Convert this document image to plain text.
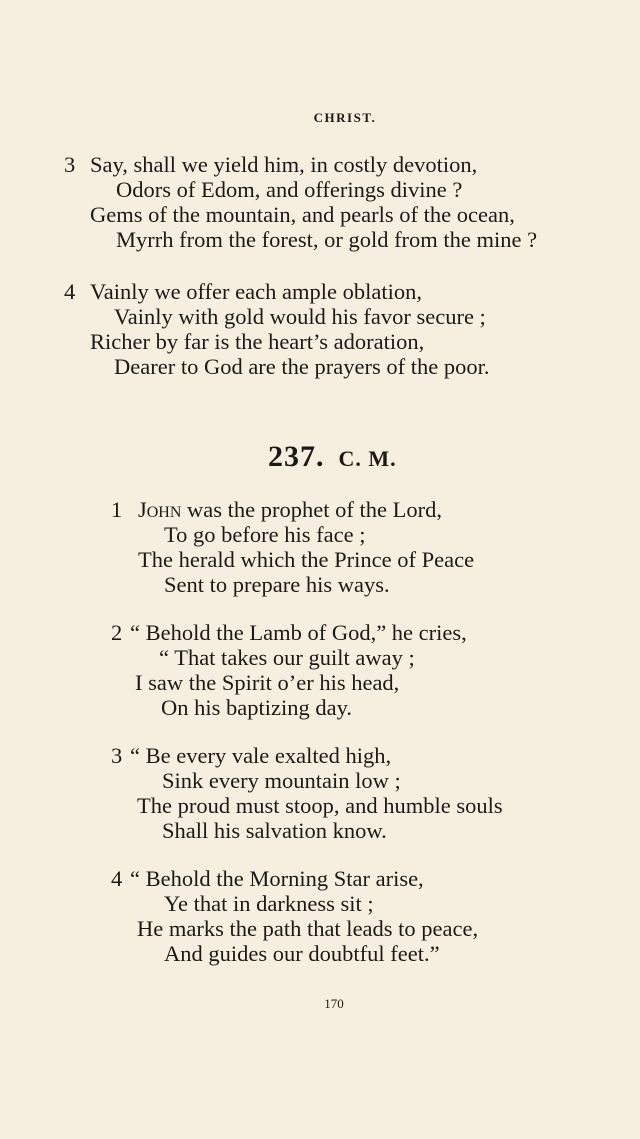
CHRIST.
3 Say, shall we yield him, in costly devotion,
Odors of Edom, and offerings divine ?
Gems of the mountain, and pearls of the ocean,
Myrrh from the forest, or gold from the mine ?
4 Vainly we offer each ample oblation,
Vainly with gold would his favor secure ;
Richer by far is the heart’s adoration,
Dearer to God are the prayers of the poor.
237. C. M.
1 John was the prophet of the Lord,
To go before his face ;
The herald which the Prince of Peace
Sent to prepare his ways.
2 “ Behold the Lamb of God,” he cries,
“ That takes our guilt away ;
I saw the Spirit o’er his head,
On his baptizing day.
3 “ Be every vale exalted high,
Sink every mountain low ;
The proud must stoop, and humble souls
Shall his salvation know.
4 “ Behold the Morning Star arise,
Ye that in darkness sit ;
He marks the path that leads to peace,
And guides our doubtful feet.”
170
